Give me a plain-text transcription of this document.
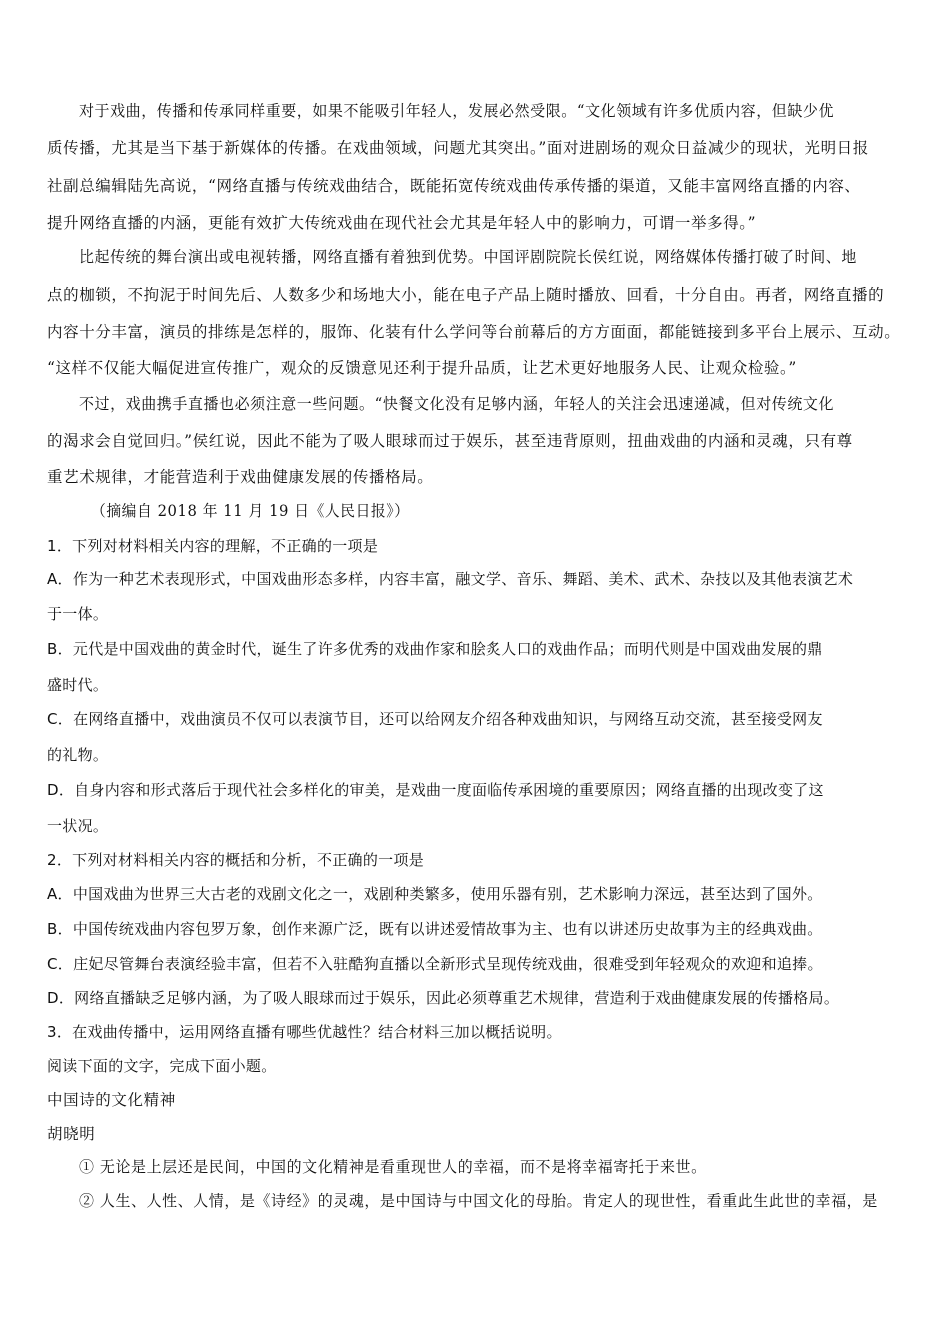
对于戏曲，传播和传承同样重要，如果不能吸引年轻人，发展必然受限。“文化领域有许多优质内容，但缺少优
质传播，尤其是当下基于新媒体的传播。在戏曲领域，问题尤其突出。”面对进剧场的观众日益减少的现状，光明日报
社副总编辑陆先高说，“网络直播与传统戏曲结合，既能拓宽传统戏曲传承传播的渠道，又能丰富网络直播的内容、
提升网络直播的内涵，更能有效扩大传统戏曲在现代社会尤其是年轻人中的影响力，可谓一举多得。”
比起传统的舞台演出或电视转播，网络直播有着独到优势。中国评剧院院长侯红说，网络媒体传播打破了时间、地
点的枷锁，不拘泥于时间先后、人数多少和场地大小，能在电子产品上随时播放、回看，十分自由。再者，网络直播的
内容十分丰富，演员的排练是怎样的，服饰、化装有什么学问等台前幕后的方方面面，都能链接到多平台上展示、互动。
“这样不仅能大幅促进宣传推广，观众的反馈意见还利于提升品质，让艺术更好地服务人民、让观众检验。”
不过，戏曲携手直播也必须注意一些问题。“快餐文化没有足够内涵，年轻人的关注会迅速递减，但对传统文化
的渴求会自觉回归。”侯红说，因此不能为了吸人眼球而过于娱乐，甚至违背原则，扭曲戏曲的内涵和灵魂，只有尊
重艺术规律，才能营造利于戏曲健康发展的传播格局。
（摘编自 2018 年 11 月 19 日《人民日报》）
1．下列对材料相关内容的理解，不正确的一项是
A．作为一种艺术表现形式，中国戏曲形态多样，内容丰富，融文学、音乐、舞蹈、美术、武术、杂技以及其他表演艺术
于一体。
B．元代是中国戏曲的黄金时代，诞生了许多优秀的戏曲作家和脍炙人口的戏曲作品；而明代则是中国戏曲发展的鼎
盛时代。
C．在网络直播中，戏曲演员不仅可以表演节目，还可以给网友介绍各种戏曲知识，与网络互动交流，甚至接受网友
的礼物。
D．自身内容和形式落后于现代社会多样化的审美，是戏曲一度面临传承困境的重要原因；网络直播的出现改变了这
一状况。
2．下列对材料相关内容的概括和分析，不正确的一项是
A．中国戏曲为世界三大古老的戏剧文化之一，戏剧种类繁多，使用乐器有别，艺术影响力深远，甚至达到了国外。
B．中国传统戏曲内容包罗万象，创作来源广泛，既有以讲述爱情故事为主、也有以讲述历史故事为主的经典戏曲。
C．庄妃尽管舞台表演经验丰富，但若不入驻酷狗直播以全新形式呈现传统戏曲，很难受到年轻观众的欢迎和追捧。
D．网络直播缺乏足够内涵，为了吸人眼球而过于娱乐，因此必须尊重艺术规律，营造利于戏曲健康发展的传播格局。
3．在戏曲传播中，运用网络直播有哪些优越性？结合材料三加以概括说明。
阅读下面的文字，完成下面小题。
中国诗的文化精神
胡晓明
① 无论是上层还是民间，中国的文化精神是看重现世人的幸福，而不是将幸福寄托于来世。
② 人生、人性、人情，是《诗经》的灵魂，是中国诗与中国文化的母胎。肯定人的现世性，看重此生此世的幸福，是
